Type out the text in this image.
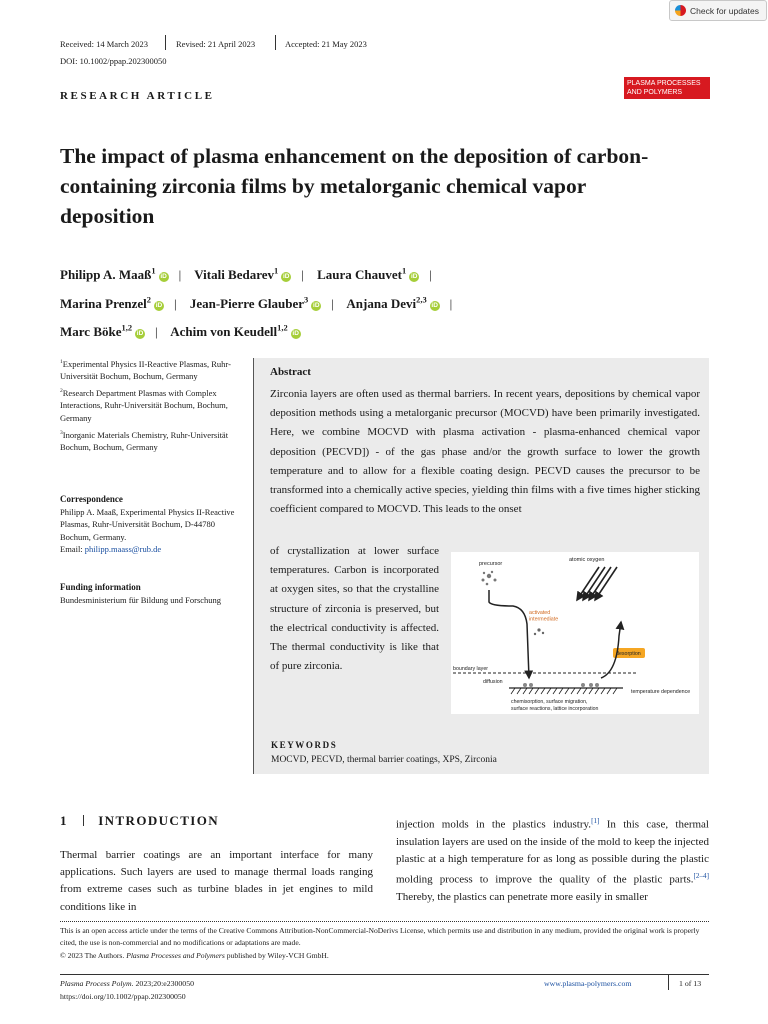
Check for updates
Received: 14 March 2023	Revised: 21 April 2023	Accepted: 21 May 2023
DOI: 10.1002/ppap.202300050
RESEARCH ARTICLE
PLASMA PROCESSES
AND POLYMERS
The impact of plasma enhancement on the deposition of carbon-containing zirconia films by metalorganic chemical vapor deposition
Philipp A. Maaß$^1$iD | Vitali Bedarev$^1$iD | Laura Chauvet$^1$iD |
Marina Prenzel$^2$iD | Jean-Pierre Glauber$^3$iD | Anjana Devi$^{2,3}$iD |
Marc Böke$^{1,2}$iD | Achim von Keudell$^{1,2}$iD
$^1$Experimental Physics II-Reactive Plasmas, Ruhr-Universität Bochum, Bochum, Germany
$^2$Research Department Plasmas with Complex Interactions, Ruhr-Universität Bochum, Bochum, Germany
$^3$Inorganic Materials Chemistry, Ruhr-Universität Bochum, Bochum, Germany
Correspondence
Philipp A. Maaß, Experimental Physics II-Reactive Plasmas, Ruhr-Universität Bochum, D-44780 Bochum, Germany.
Email: philipp.maass@rub.de
Funding information
Bundesministerium für Bildung und Forschung
Abstract
Zirconia layers are often used as thermal barriers. In recent years, depositions by chemical vapor deposition methods using a metalorganic precursor (MOCVD) have been primarily investigated. Here, we combine MOCVD with plasma activation - plasma-enhanced chemical vapor deposition (PECVD]) - of the gas phase and/or the growth surface to lower the growth temperature and to allow for a flexible coating design. PECVD causes the precursor to be transformed into a chemically active species, yielding thin films with a five times higher sticking coefficient compared to MOCVD. This leads to the onset
of crystallization at lower surface temperatures. Carbon is incorporated at oxygen sites, so that the crystalline structure of zirconia is preserved, but the electrical conductivity is affected. The thermal conductivity is like that of pure zirconia.
precursor
atomic oxygen
activated intermediate
desorption
boundary layer
diffusion
temperature dependence
chemisorption, surface migration, surface reactions, lattice incorporation
KEYWORDS
MOCVD, PECVD, thermal barrier coatings, XPS, Zirconia
1 INTRODUCTION
Thermal barrier coatings are an important interface for many applications. Such layers are used to manage thermal loads ranging from extreme cases such as turbine blades in jet engines to mild conditions like in
injection molds in the plastics industry.[1] In this case, thermal insulation layers are used on the inside of the mold to keep the injected plastic at a high temperature for as long as possible during the plastic molding process to improve the quality of the plastic parts.[2–4] Thereby, the plastics can penetrate more easily in smaller
This is an open access article under the terms of the Creative Commons Attribution-NonCommercial-NoDerivs License, which permits use and distribution in any medium, provided the original work is properly cited, the use is non-commercial and no modifications or adaptations are made.
© 2023 The Authors. Plasma Processes and Polymers published by Wiley-VCH GmbH.
Plasma Process Polym. 2023;20:e2300050
https://doi.org/10.1002/ppap.202300050
www.plasma-polymers.com	1 of 13
